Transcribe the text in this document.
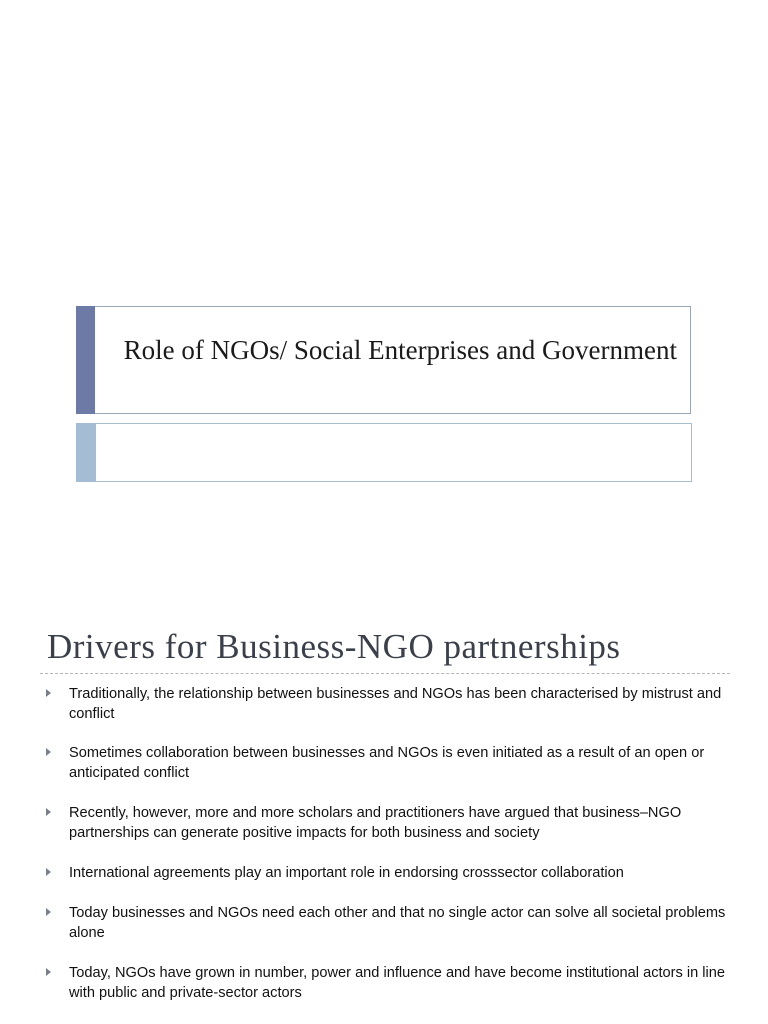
Role of NGOs/ Social Enterprises and Government
Drivers for Business-NGO partnerships
Traditionally, the relationship between businesses and NGOs has been characterised by mistrust and conflict
Sometimes collaboration between businesses and NGOs is even initiated as a result of an open or anticipated conflict
Recently, however, more and more scholars and practitioners have argued that business–NGO partnerships can generate positive impacts for both business and society
International agreements play an important role in endorsing crosssector collaboration
Today businesses and NGOs need each other and that no single actor can solve all societal problems alone
Today, NGOs have grown in number, power and influence and have become institutional actors in line with public and private-sector actors
